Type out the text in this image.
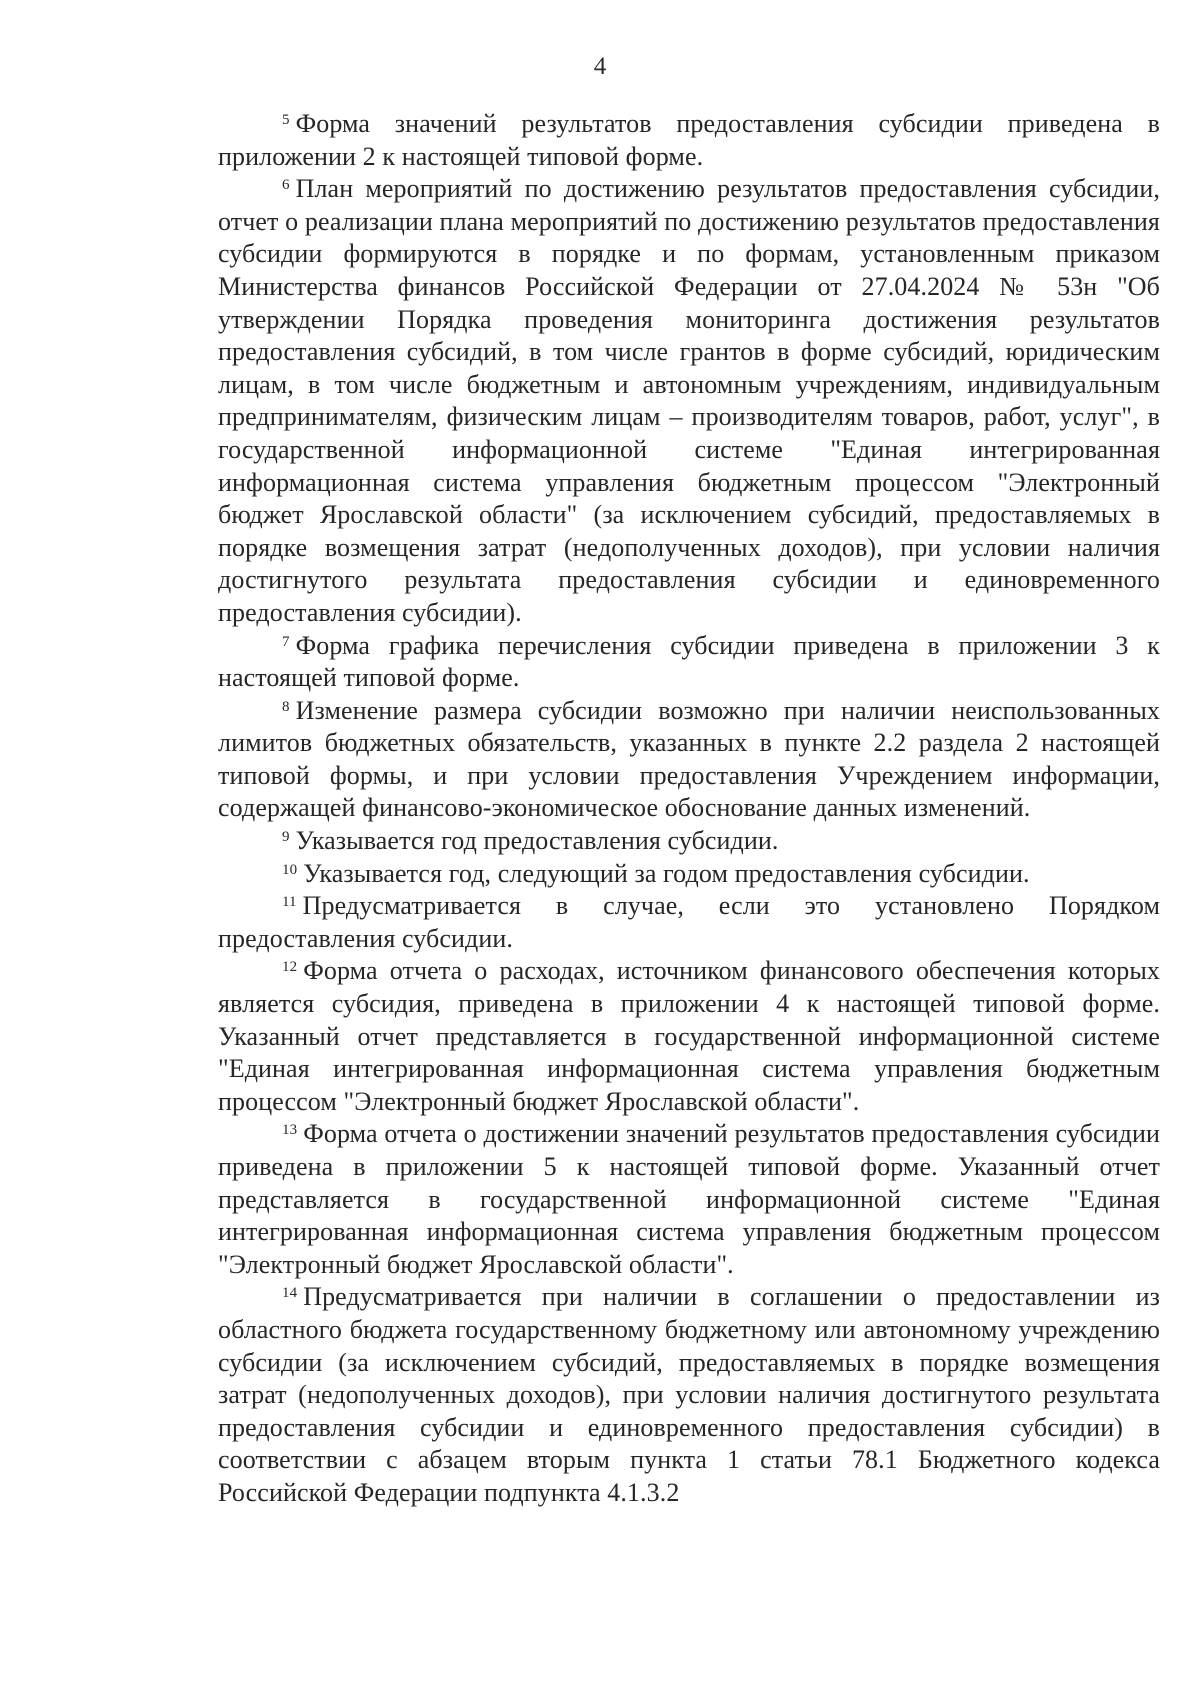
4

$^5$ Форма значений результатов предоставления субсидии приведена в приложении 2 к настоящей типовой форме.

$^6$ План мероприятий по достижению результатов предоставления субсидии, отчет о реализации плана мероприятий по достижению результатов предоставления субсидии формируются в порядке и по формам, установленным приказом Министерства финансов Российской Федерации от 27.04.2024 № 53н "Об утверждении Порядка проведения мониторинга достижения результатов предоставления субсидий, в том числе грантов в форме субсидий, юридическим лицам, в том числе бюджетным и автономным учреждениям, индивидуальным предпринимателям, физическим лицам – производителям товаров, работ, услуг", в государственной информационной системе "Единая интегрированная информационная система управления бюджетным процессом "Электронный бюджет Ярославской области" (за исключением субсидий, предоставляемых в порядке возмещения затрат (недополученных доходов), при условии наличия достигнутого результата предоставления субсидии и единовременного предоставления субсидии).

$^7$ Форма графика перечисления субсидии приведена в приложении 3 к настоящей типовой форме.

$^8$ Изменение размера субсидии возможно при наличии неиспользованных лимитов бюджетных обязательств, указанных в пункте 2.2 раздела 2 настоящей типовой формы, и при условии предоставления Учреждением информации, содержащей финансово-экономическое обоснование данных изменений.

$^9$ Указывается год предоставления субсидии.

$^{10}$ Указывается год, следующий за годом предоставления субсидии.

$^{11}$ Предусматривается в случае, если это установлено Порядком предоставления субсидии.

$^{12}$ Форма отчета о расходах, источником финансового обеспечения которых является субсидия, приведена в приложении 4 к настоящей типовой форме. Указанный отчет представляется в государственной информационной системе "Единая интегрированная информационная система управления бюджетным процессом "Электронный бюджет Ярославской области".

$^{13}$ Форма отчета о достижении значений результатов предоставления субсидии приведена в приложении 5 к настоящей типовой форме. Указанный отчет представляется в государственной информационной системе "Единая интегрированная информационная система управления бюджетным процессом "Электронный бюджет Ярославской области".

$^{14}$ Предусматривается при наличии в соглашении о предоставлении из областного бюджета государственному бюджетному или автономному учреждению субсидии (за исключением субсидий, предоставляемых в порядке возмещения затрат (недополученных доходов), при условии наличия достигнутого результата предоставления субсидии и единовременного предоставления субсидии) в соответствии с абзацем вторым пункта 1 статьи 78.1 Бюджетного кодекса Российской Федерации подпункта 4.1.3.2
